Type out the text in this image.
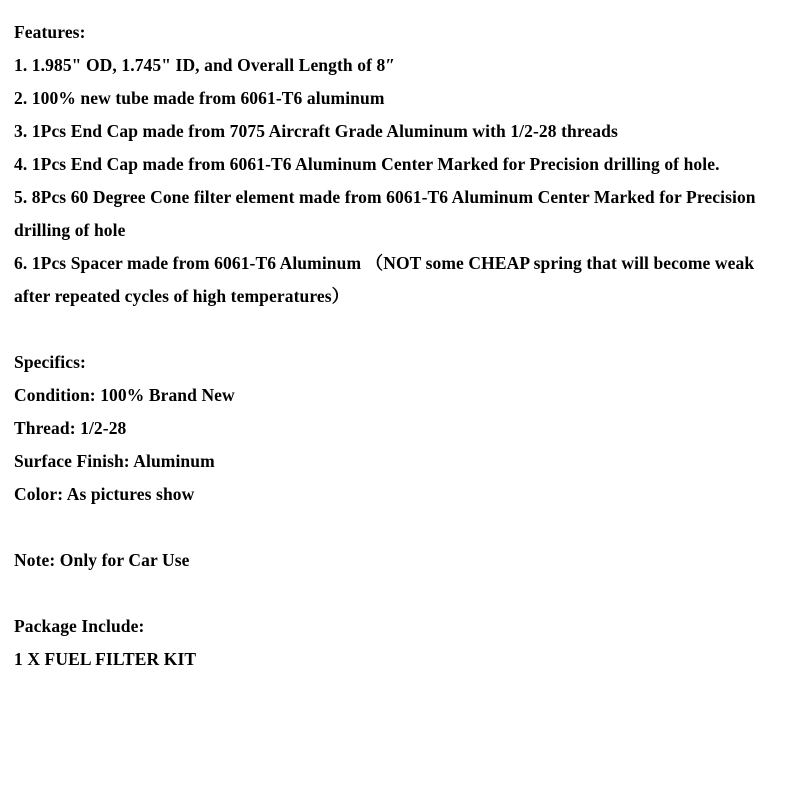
Features:
1. 1.985" OD, 1.745" ID, and Overall Length of 8″
2. 100% new tube made from 6061-T6 aluminum
3. 1Pcs End Cap made from 7075 Aircraft Grade Aluminum with 1/2-28 threads
4. 1Pcs End Cap made from 6061-T6 Aluminum Center Marked for Precision drilling of hole.
5. 8Pcs 60 Degree Cone filter element made from 6061-T6 Aluminum Center Marked for Precision drilling of hole
6. 1Pcs Spacer made from 6061-T6 Aluminum （NOT some CHEAP spring that will become weak after repeated cycles of high temperatures）
Specifics:
Condition: 100% Brand New
Thread: 1/2-28
Surface Finish: Aluminum
Color: As pictures show
Note: Only for Car Use
Package Include:
1 X FUEL FILTER KIT
